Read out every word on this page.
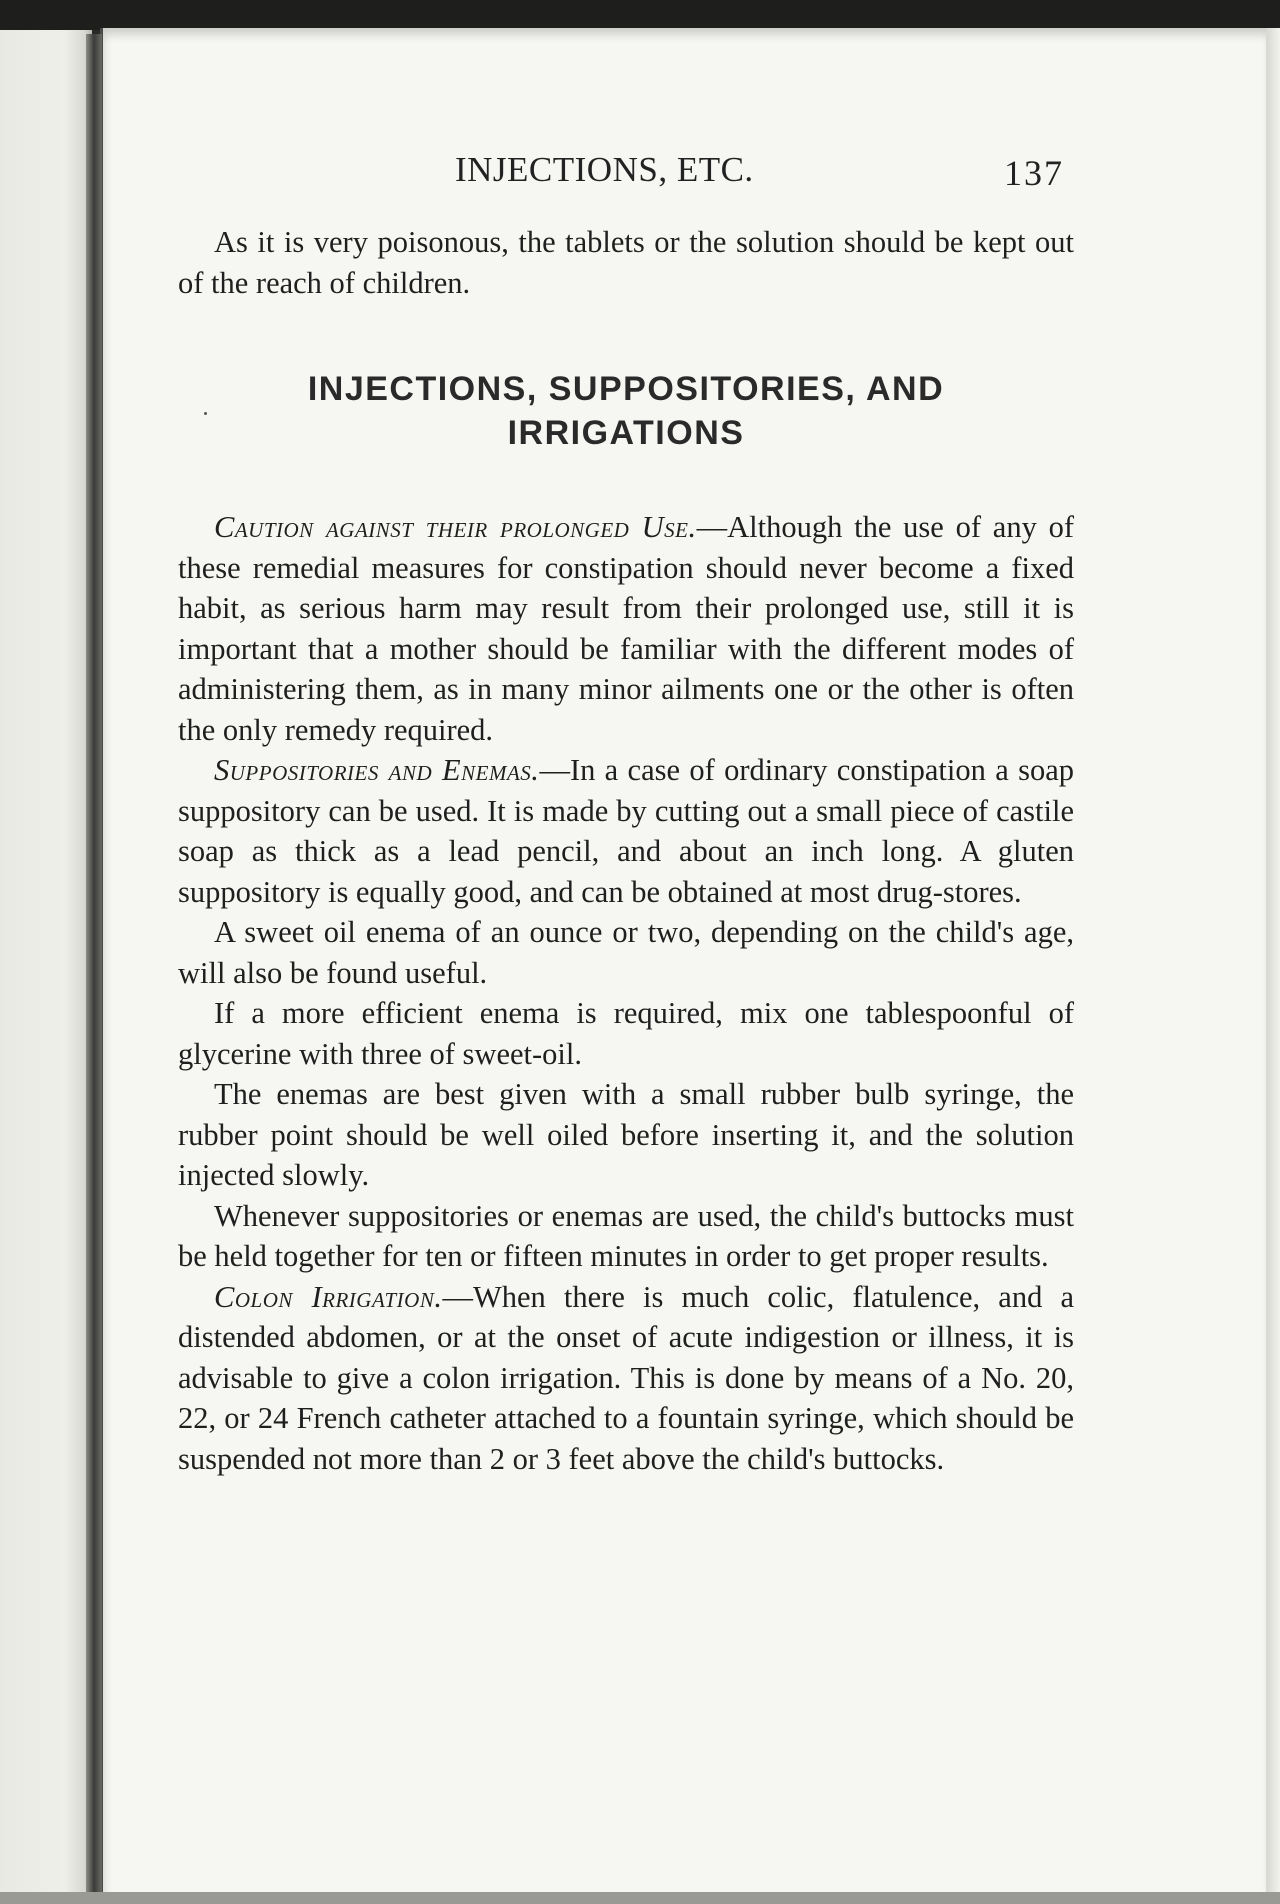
INJECTIONS, ETC.	137

As it is very poisonous, the tablets or the solution should be kept out of the reach of children.

INJECTIONS, SUPPOSITORIES, AND
IRRIGATIONS

Caution against their prolonged Use.—Although the use of any of these remedial measures for constipation should never become a fixed habit, as serious harm may result from their prolonged use, still it is important that a mother should be familiar with the different modes of administering them, as in many minor ailments one or the other is often the only remedy required.

Suppositories and Enemas.—In a case of ordinary constipation a soap suppository can be used. It is made by cutting out a small piece of castile soap as thick as a lead pencil, and about an inch long. A gluten suppository is equally good, and can be obtained at most drug-stores.

A sweet oil enema of an ounce or two, depending on the child's age, will also be found useful.

If a more efficient enema is required, mix one tablespoonful of glycerine with three of sweet-oil.

The enemas are best given with a small rubber bulb syringe, the rubber point should be well oiled before inserting it, and the solution injected slowly.

Whenever suppositories or enemas are used, the child's buttocks must be held together for ten or fifteen minutes in order to get proper results.

Colon Irrigation.—When there is much colic, flatulence, and a distended abdomen, or at the onset of acute indigestion or illness, it is advisable to give a colon irrigation. This is done by means of a No. 20, 22, or 24 French catheter attached to a fountain syringe, which should be suspended not more than 2 or 3 feet above the child's buttocks.
